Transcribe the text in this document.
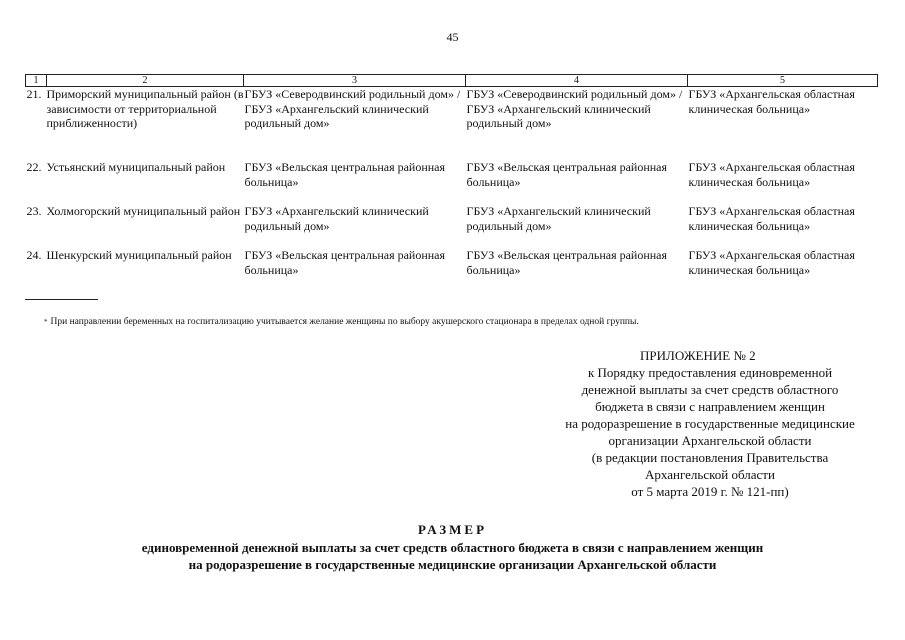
45
1	2	3	4	5
21.	Приморский муниципальный район (в зависимости от территориальной приближенности)	ГБУЗ «Северодвинский родильный дом» /ГБУЗ «Архангельский клинический родильный дом»	ГБУЗ «Северодвинский родильный дом» /ГБУЗ «Архангельский клинический родильный дом»	ГБУЗ «Архангельская областная клиническая больница»
22.	Устьянский муниципальный район	ГБУЗ «Вельская центральная районная больница»	ГБУЗ «Вельская центральная районная больница»	ГБУЗ «Архангельская областная клиническая больница»
23.	Холмогорский муниципальный район	ГБУЗ «Архангельский клинический родильный дом»	ГБУЗ «Архангельский клинический родильный дом»	ГБУЗ «Архангельская областная клиническая больница»
24.	Шенкурский муниципальный район	ГБУЗ «Вельская центральная районная больница»	ГБУЗ «Вельская центральная районная больница»	ГБУЗ «Архангельская областная клиническая больница»
* При направлении беременных на госпитализацию учитывается желание женщины по выбору акушерского стационара в пределах одной группы.
ПРИЛОЖЕНИЕ № 2
к Порядку предоставления единовременной
денежной выплаты за счет средств областного
бюджета в связи с направлением женщин
на родоразрешение в государственные медицинские
организации Архангельской области
(в редакции постановления Правительства
Архангельской области
от 5 марта 2019 г. № 121-пп)
РАЗМЕР
единовременной денежной выплаты за счет средств областного бюджета в связи с направлением женщин
на родоразрешение в государственные медицинские организации Архангельской области
